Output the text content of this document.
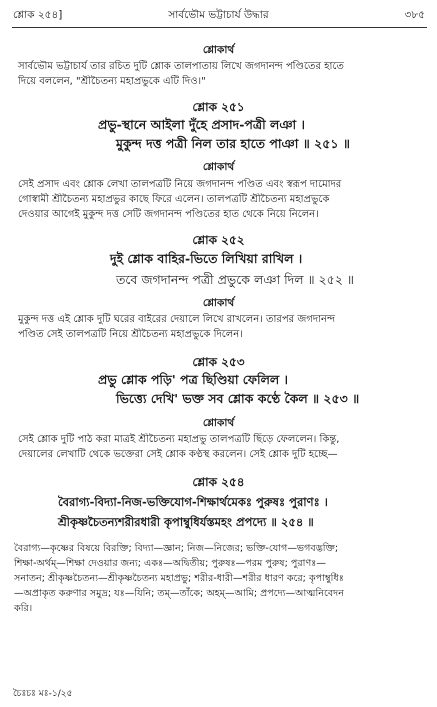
শ্লোক ২৫৪]	সার্বভৌম ভট্টাচার্য উদ্ধার	৩৮৫
শ্লোকার্থ
সার্বভৌম ভট্টাচার্য তার রচিত দুটি শ্লোক তালপাতায় লিখে জগদানন্দ পণ্ডিতের হাতে
দিয়ে বললেন, "শ্রীচৈতন্য মহাপ্রভুকে এটি দিও।"
শ্লোক ২৫১
প্রভু-স্থানে আইলা দুঁহে প্রসাদ-পত্রী লঞা ।
মুকুন্দ দত্ত পত্রী নিল তার হাতে পাঞা ॥ ২৫১ ॥
শ্লোকার্থ
সেই প্রসাদ এবং শ্লোক লেখা তালপত্রটি নিয়ে জগদানন্দ পণ্ডিত এবং স্বরূপ দামোদর
গোস্বামী শ্রীচৈতন্য মহাপ্রভুর কাছে ফিরে এলেন। তালপত্রটি শ্রীচৈতন্য মহাপ্রভুকে
দেওয়ার আগেই মুকুন্দ দত্ত সেটি জগদানন্দ পণ্ডিতের হাত থেকে নিয়ে নিলেন।
শ্লোক ২৫২
দুই শ্লোক বাহির-ভিতে লিখিয়া রাখিল ।
তবে জগদানন্দ পত্রী প্রভুকে লঞা দিল ॥ ২৫২ ॥
শ্লোকার্থ
মুকুন্দ দত্ত এই শ্লোক দুটি ঘরের বাইরের দেয়ালে লিখে রাখলেন। তারপর জগদানন্দ
পণ্ডিত সেই তালপত্রটি নিয়ে শ্রীচৈতন্য মহাপ্রভুকে দিলেন।
শ্লোক ২৫৩
প্রভু শ্লোক পড়ি' পত্র ছিণ্ডিয়া ফেলিল ।
ভিত্ত্যে দেখি' ভক্ত সব শ্লোক কণ্ঠে কৈল ॥ ২৫৩ ॥
শ্লোকার্থ
সেই শ্লোক দুটি পাঠ করা মাত্রই শ্রীচৈতন্য মহাপ্রভু তালপত্রটি ছিঁড়ে ফেললেন। কিন্তু,
দেয়ালের লেখাটি থেকে ভক্তেরা সেই শ্লোক কণ্ঠস্থ করলেন। সেই শ্লোক দুটি হচ্ছে—
শ্লোক ২৫৪
বৈরাগ্য-বিদ্যা-নিজ-ভক্তিযোগ-শিক্ষার্থমেকঃ পুরুষঃ পুরাণঃ ।
শ্রীকৃষ্ণচৈতন্যশরীরধারী কৃপাম্বুধির্যস্তমহং প্রপদ্যে ॥ ২৫৪ ॥
বৈরাগ্য—কৃষ্ণের বিষয়ে বিরক্তি; বিদ্যা—জ্ঞান; নিজ—নিজের; ভক্তি-যোগ—ভগবদ্ভক্তি;
শিক্ষা-অর্থম্—শিক্ষা দেওয়ার জন্য; একঃ—অদ্বিতীয়; পুরুষঃ—পরম পুরুষ; পুরাণঃ—
সনাতন; শ্রীকৃষ্ণচৈতন্য—শ্রীকৃষ্ণচৈতন্য মহাপ্রভু; শরীর-ধারী—শরীর ধারণ করে; কৃপাম্বুধিঃ
—অপ্রাকৃত করুণার সমুদ্র; যঃ—যিনি; তম্—তাঁকে; অহম্—আমি; প্রপদ্যে—আত্মনিবেদন
করি।
চৈঃচঃ মঃ-১/২৫
